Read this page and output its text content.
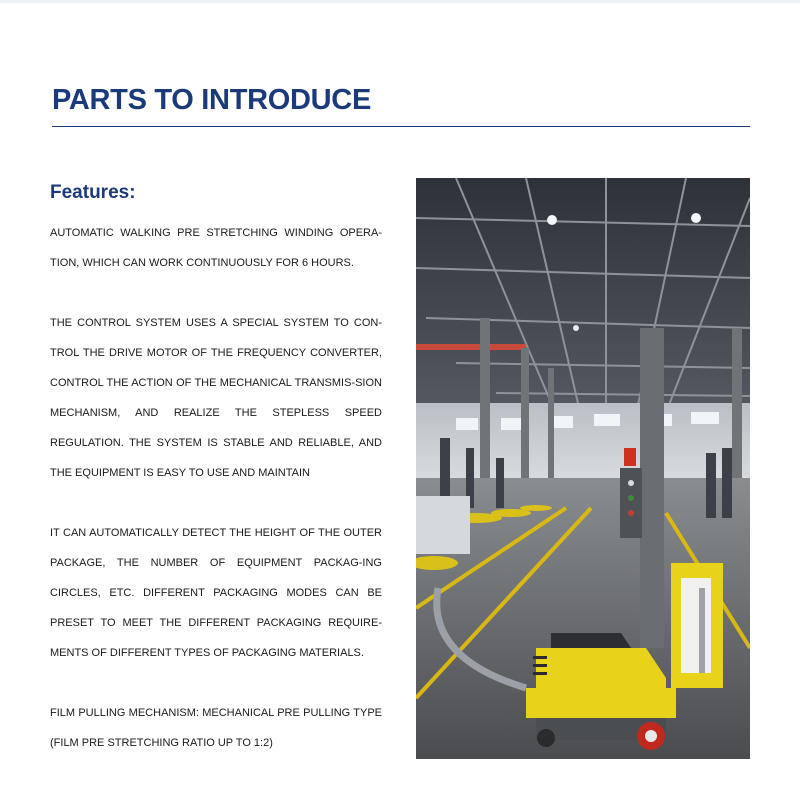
PARTS TO INTRODUCE
Features:

AUTOMATIC WALKING PRE STRETCHING WINDING OPERA-TION, WHICH CAN WORK CONTINUOUSLY FOR 6 HOURS.

THE CONTROL SYSTEM USES A SPECIAL SYSTEM TO CON-TROL THE DRIVE MOTOR OF THE FREQUENCY CONVERTER, CONTROL THE ACTION OF THE MECHANICAL TRANSMIS-SION MECHANISM, AND REALIZE THE STEPLESS SPEED REGULATION. THE SYSTEM IS STABLE AND RELIABLE, AND THE EQUIPMENT IS EASY TO USE AND MAINTAIN

IT CAN AUTOMATICALLY DETECT THE HEIGHT OF THE OUTER PACKAGE, THE NUMBER OF EQUIPMENT PACKAG-ING CIRCLES, ETC. DIFFERENT PACKAGING MODES CAN BE PRESET TO MEET THE DIFFERENT PACKAGING REQUIRE-MENTS OF DIFFERENT TYPES OF PACKAGING MATERIALS.

FILM PULLING MECHANISM: MECHANICAL PRE PULLING TYPE (FILM PRE STRETCHING RATIO UP TO 1:2)
